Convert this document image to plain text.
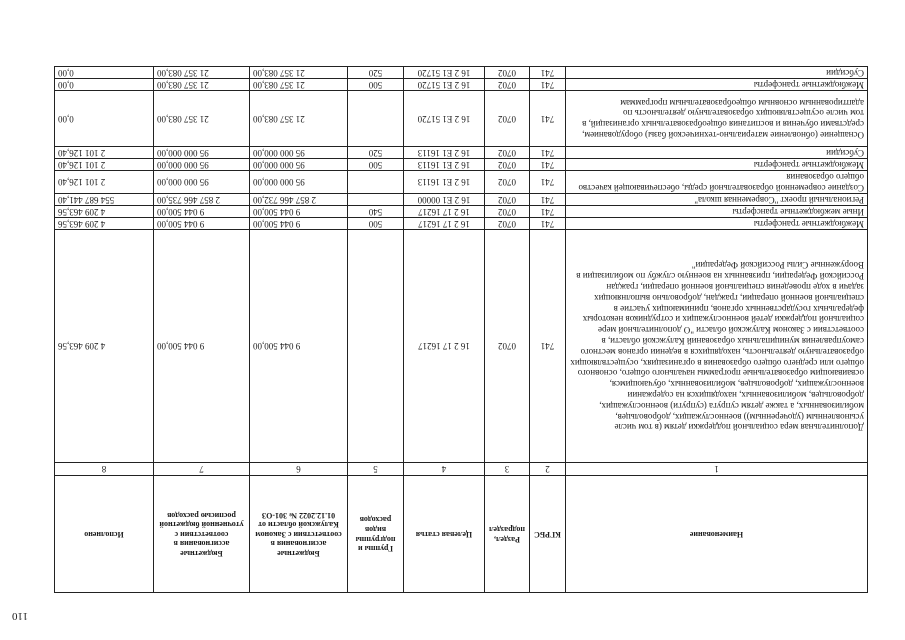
110
Наименование	КГРБС	Раздел, подраздел	Целевая статья	Группы и подгруппы видов расходов	Бюджетные ассигнования в соответствии с Законом Калужской области от 01.12.2022 № 301-ОЗ	Бюджетные ассигнования в соответствии с уточненной бюджетной росписью расходов	Исполнено
1	2	3	4	5	6	7	8
Дополнительная мера социальной поддержки детям (в том числе усыновленным (удочеренным)) военнослужащих, добровольцев, мобилизованных, а также детям супруга (супруги) военнослужащих, добровольцев, мобилизованных, находящихся на содержании военнослужащих, добровольцев, мобилизованных, обучающимся, осваивающим образовательные программы начального общего, основного общего или среднего общего образования в организациях, осуществляющих образовательную деятельность, находящихся в ведении органов местного самоуправления муниципальных образований Калужской области, в соответствии с Законом Калужской области "О дополнительной мере социальной поддержки детей военнослужащих и сотрудников некоторых федеральных государственных органов, принимающих участие в специальной военной операции, граждан, добровольно выполняющих задачи в ходе проведения специальной военной операции, граждан Российской Федерации, призванных на военную службу по мобилизации в Вооруженные Силы Российской Федерации"	741	0702	16 2 17 16217		9 044 500,00	9 044 500,00	4 209 463,56
Межбюджетные трансферты	741	0702	16 2 17 16217	500	9 044 500,00	9 044 500,00	4 209 463,56
Иные межбюджетные трансферты	741	0702	16 2 17 16217	540	9 044 500,00	9 044 500,00	4 209 463,56
Региональный проект "Современная школа"	741	0702	16 2 E1 00000		2 857 466 732,00	2 857 466 735,00	554 687 441,40
Создание современной образовательной среды, обеспечивающей качество общего образования	741	0702	16 2 E1 16113		95 000 000,00	95 000 000,00	2 101 126,40
Межбюджетные трансферты	741	0702	16 2 E1 16113	500	95 000 000,00	95 000 000,00	2 101 126,40
Субсидии	741	0702	16 2 E1 16113	520	95 000 000,00	95 000 000,00	2 101 126,40
Оснащение (обновление материально-технической базы) оборудованием, средствами обучения и воспитания общеобразовательных организаций, в том числе осуществляющих образовательную деятельность по адаптированным основным общеобразовательным программам	741	0702	16 2 E1 51720		21 357 083,00	21 357 083,00	0,00
Межбюджетные трансферты	741	0702	16 2 E1 51720	500	21 357 083,00	21 357 083,00	0,00
Субсидии	741	0702	16 2 E1 51720	520	21 357 083,00	21 357 083,00	0,00
